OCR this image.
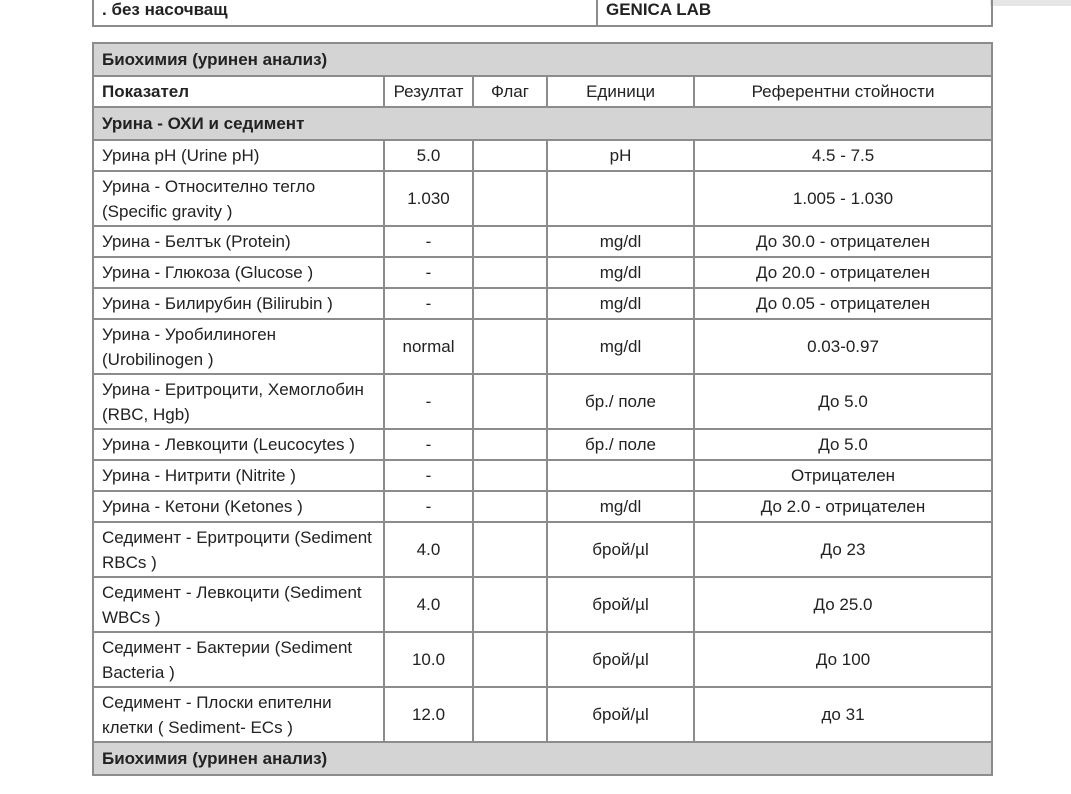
. без насочващ	GENICA LAB
Биохимия (уринен анализ)				
Показател	Резултат	Флаг	Единици	Референтни стойности
Урина - ОХИ и седимент				
Урина pH (Urine pH)	5.0		pH	4.5 - 7.5
Урина - Относително тегло (Specific gravity )	1.030			1.005 - 1.030
Урина - Белтък (Protein)	-		mg/dl	До 30.0 - отрицателен
Урина - Глюкоза (Glucose )	-		mg/dl	До 20.0 - отрицателен
Урина - Билирубин (Bilirubin )	-		mg/dl	До 0.05 - отрицателен
Урина - Уробилиноген (Urobilinogen )	normal		mg/dl	0.03-0.97
Урина - Еритроцити, Хемоглобин (RBC, Hgb)	-		бр./ поле	До 5.0
Урина - Левкоцити (Leucocytes )	-		бр./ поле	До 5.0
Урина - Нитрити (Nitrite )	-			Отрицателен
Урина - Кетони (Ketones )	-		mg/dl	До 2.0 - отрицателен
Седимент - Еритроцити (Sediment RBCs )	4.0		брой/µl	До 23
Седимент - Левкоцити (Sediment WBCs )	4.0		брой/µl	До 25.0
Седимент - Бактерии (Sediment Bacteria )	10.0		брой/µl	До 100
Седимент - Плоски епителни клетки ( Sediment- ECs )	12.0		брой/µl	до 31
Биохимия (уринен анализ)				
